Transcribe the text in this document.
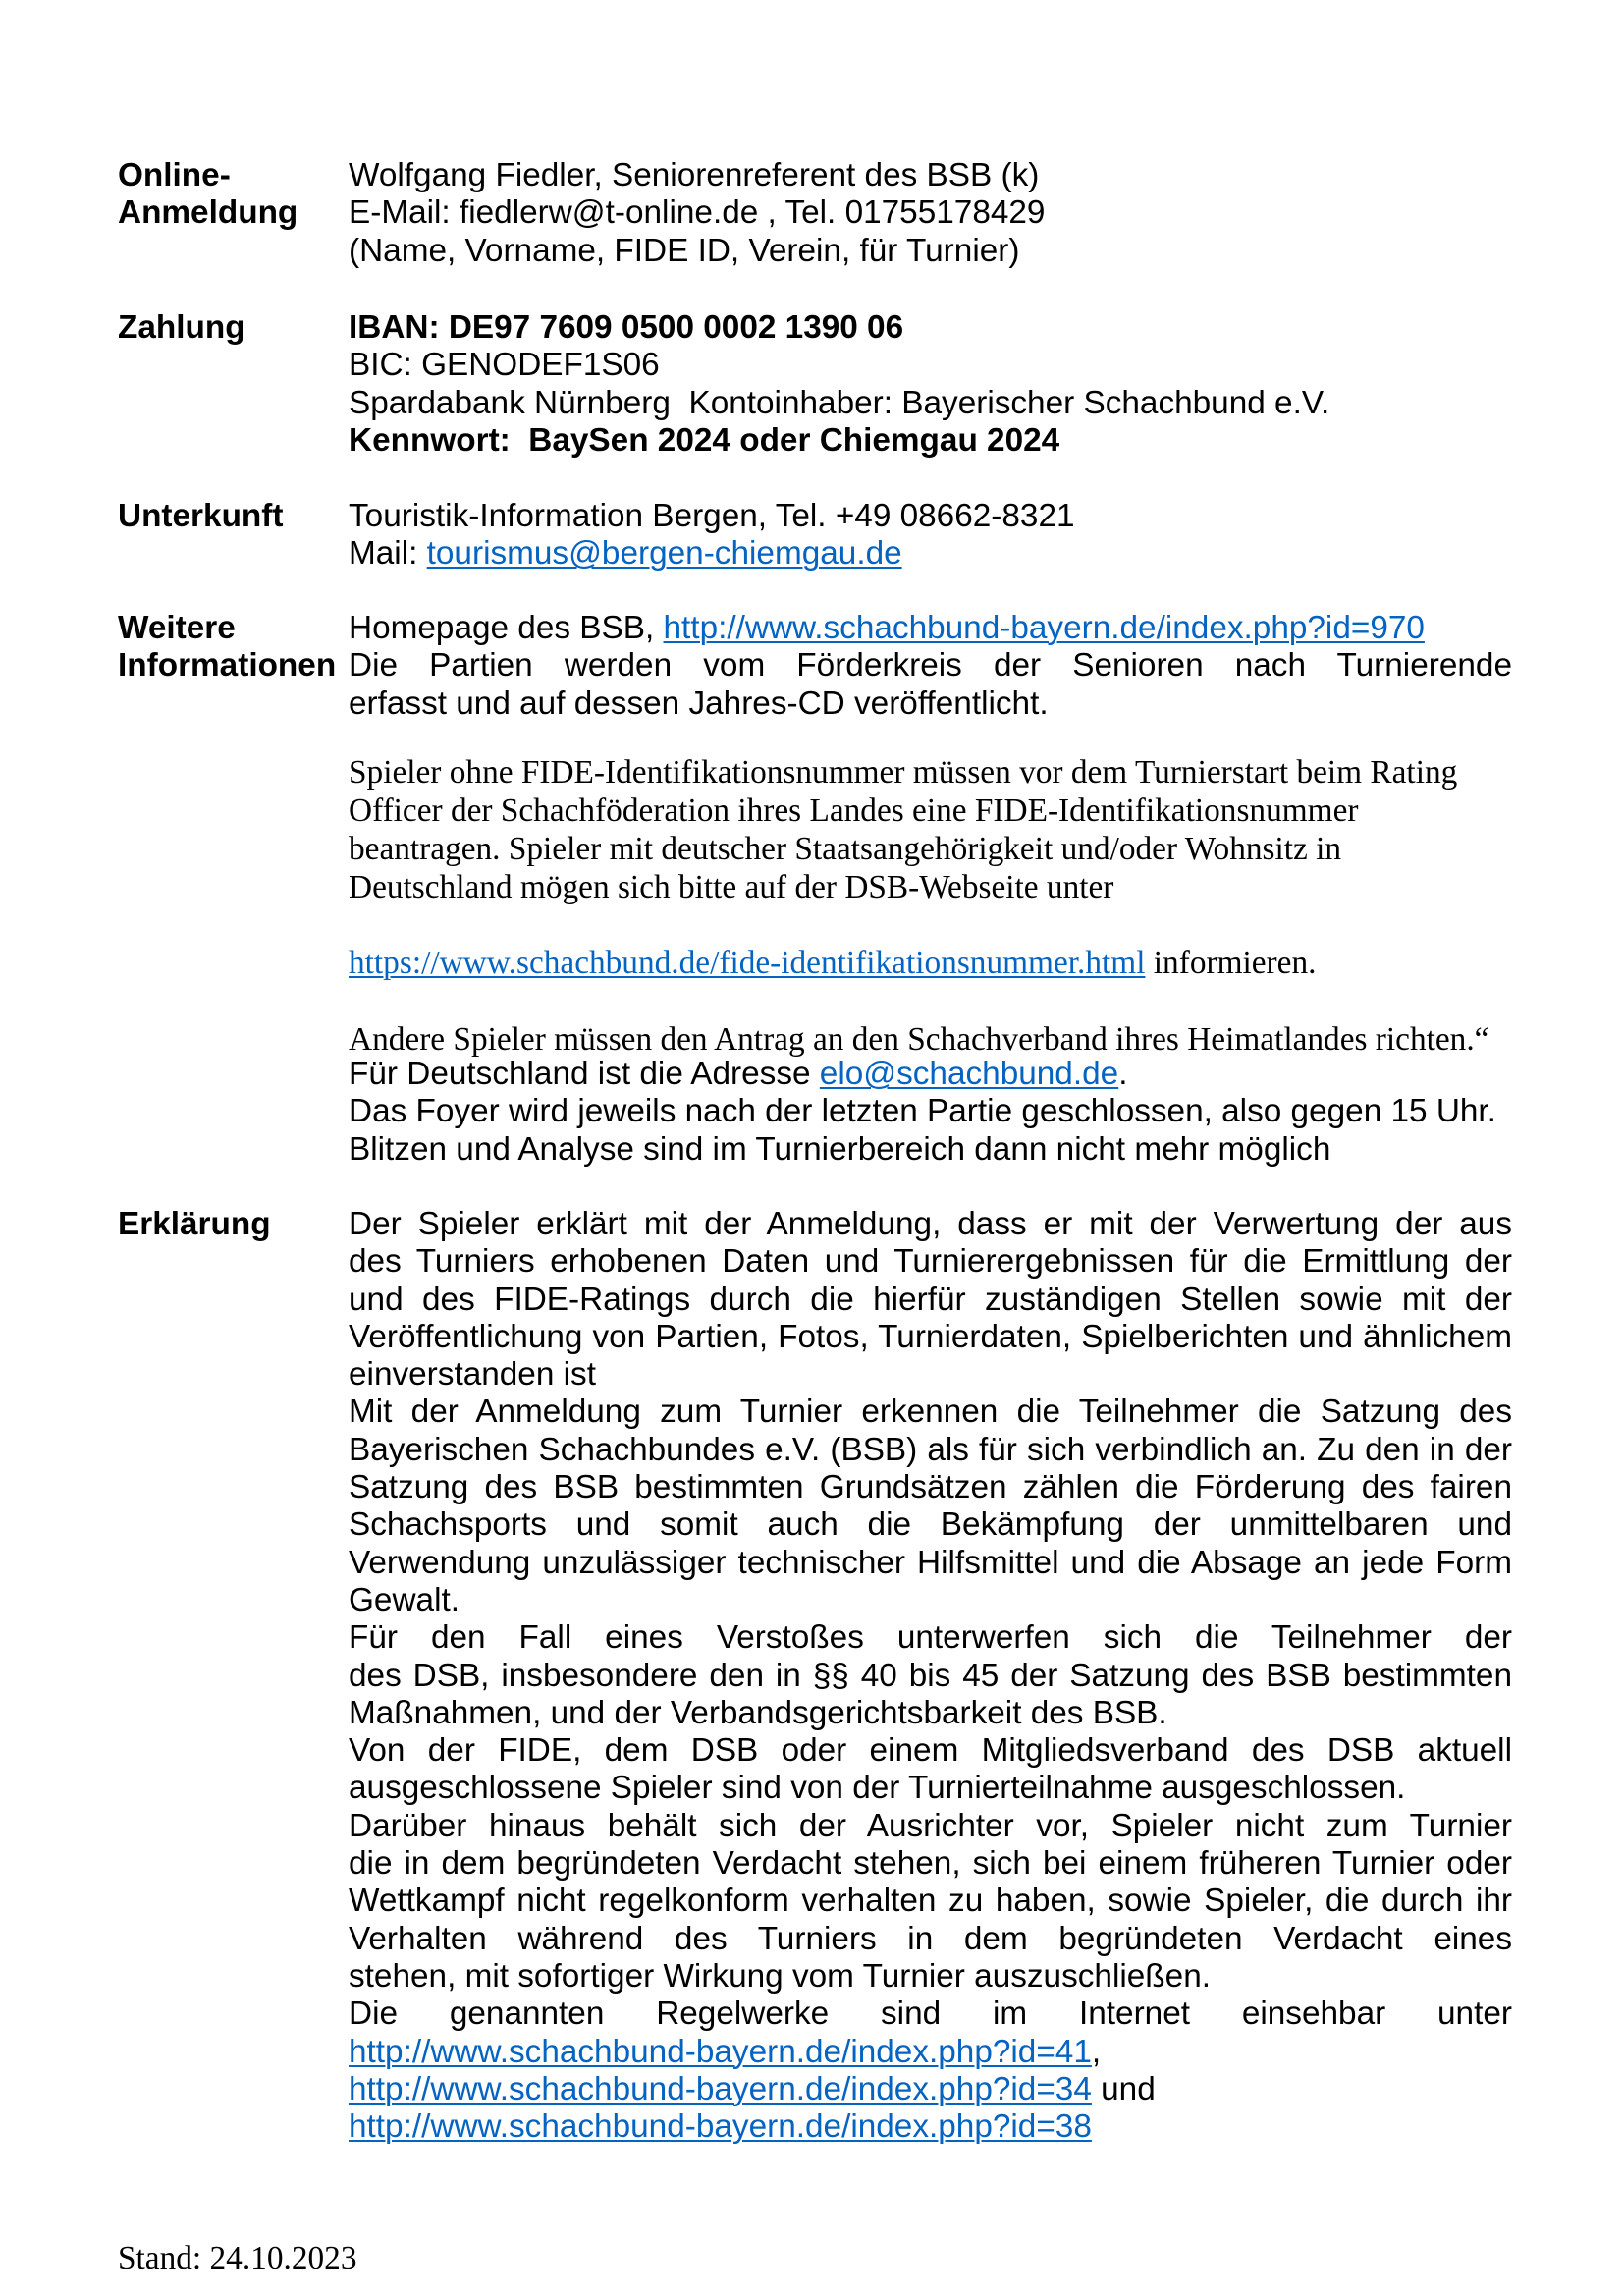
Online-
Anmeldung
Wolfgang Fiedler, Seniorenreferent des BSB (k)
E-Mail: fiedlerw@t-online.de , Tel. 01755178429
(Name, Vorname, FIDE ID, Verein, für Turnier)
Zahlung	IBAN: DE97 7609 0500 0002 1390 06
BIC: GENODEF1S06
Spardabank Nürnberg  Kontoinhaber: Bayerischer Schachbund e.V.
Kennwort:  BaySen 2024 oder Chiemgau 2024
Unterkunft Touristik-Information Bergen, Tel. +49 08662-8321
Mail: tourismus@bergen-chiemgau.de
Weitere
Informationen
Homepage des BSB, http://www.schachbund-bayern.de/index.php?id=970
Die Partien werden vom Förderkreis der Senioren nach Turnierende
erfasst und auf dessen Jahres-CD veröffentlicht.
Spieler ohne FIDE-Identifikationsnummer müssen vor dem Turnierstart beim Rating
Officer der Schachföderation ihres Landes eine FIDE-Identifikationsnummer
beantragen. Spieler mit deutscher Staatsangehörigkeit und/oder Wohnsitz in
Deutschland mögen sich bitte auf der DSB-Webseite unter
https://www.schachbund.de/fide-identifikationsnummer.html informieren.
Andere Spieler müssen den Antrag an den Schachverband ihres Heimatlandes richten.“
Für Deutschland ist die Adresse elo@schachbund.de.
Das Foyer wird jeweils nach der letzten Partie geschlossen, also gegen 15 Uhr.
Blitzen und Analyse sind im Turnierbereich dann nicht mehr möglich
Erklärung Der Spieler erklärt mit der Anmeldung, dass er mit der Verwertung der aus
des Turniers erhobenen Daten und Turnierergebnissen für die Ermittlung der
und des FIDE-Ratings durch die hierfür zuständigen Stellen sowie mit der
Veröffentlichung von Partien, Fotos, Turnierdaten, Spielberichten und ähnlichem
einverstanden ist
Mit der Anmeldung zum Turnier erkennen die Teilnehmer die Satzung des
Bayerischen Schachbundes e.V. (BSB) als für sich verbindlich an. Zu den in der
Satzung des BSB bestimmten Grundsätzen zählen die Förderung des fairen
Schachsports und somit auch die Bekämpfung der unmittelbaren und
Verwendung unzulässiger technischer Hilfsmittel und die Absage an jede Form
Gewalt.
Für den Fall eines Verstoßes unterwerfen sich die Teilnehmer der
des DSB, insbesondere den in §§ 40 bis 45 der Satzung des BSB bestimmten
Maßnahmen, und der Verbandsgerichtsbarkeit des BSB.
Von der FIDE, dem DSB oder einem Mitgliedsverband des DSB aktuell
ausgeschlossene Spieler sind von der Turnierteilnahme ausgeschlossen.
Darüber hinaus behält sich der Ausrichter vor, Spieler nicht zum Turnier
die in dem begründeten Verdacht stehen, sich bei einem früheren Turnier oder
Wettkampf nicht regelkonform verhalten zu haben, sowie Spieler, die durch ihr
Verhalten während des Turniers in dem begründeten Verdacht eines
stehen, mit sofortiger Wirkung vom Turnier auszuschließen.
Die genannten Regelwerke sind im Internet einsehbar unter
http://www.schachbund-bayern.de/index.php?id=41,
http://www.schachbund-bayern.de/index.php?id=34 und
http://www.schachbund-bayern.de/index.php?id=38
Stand: 24.10.2023
